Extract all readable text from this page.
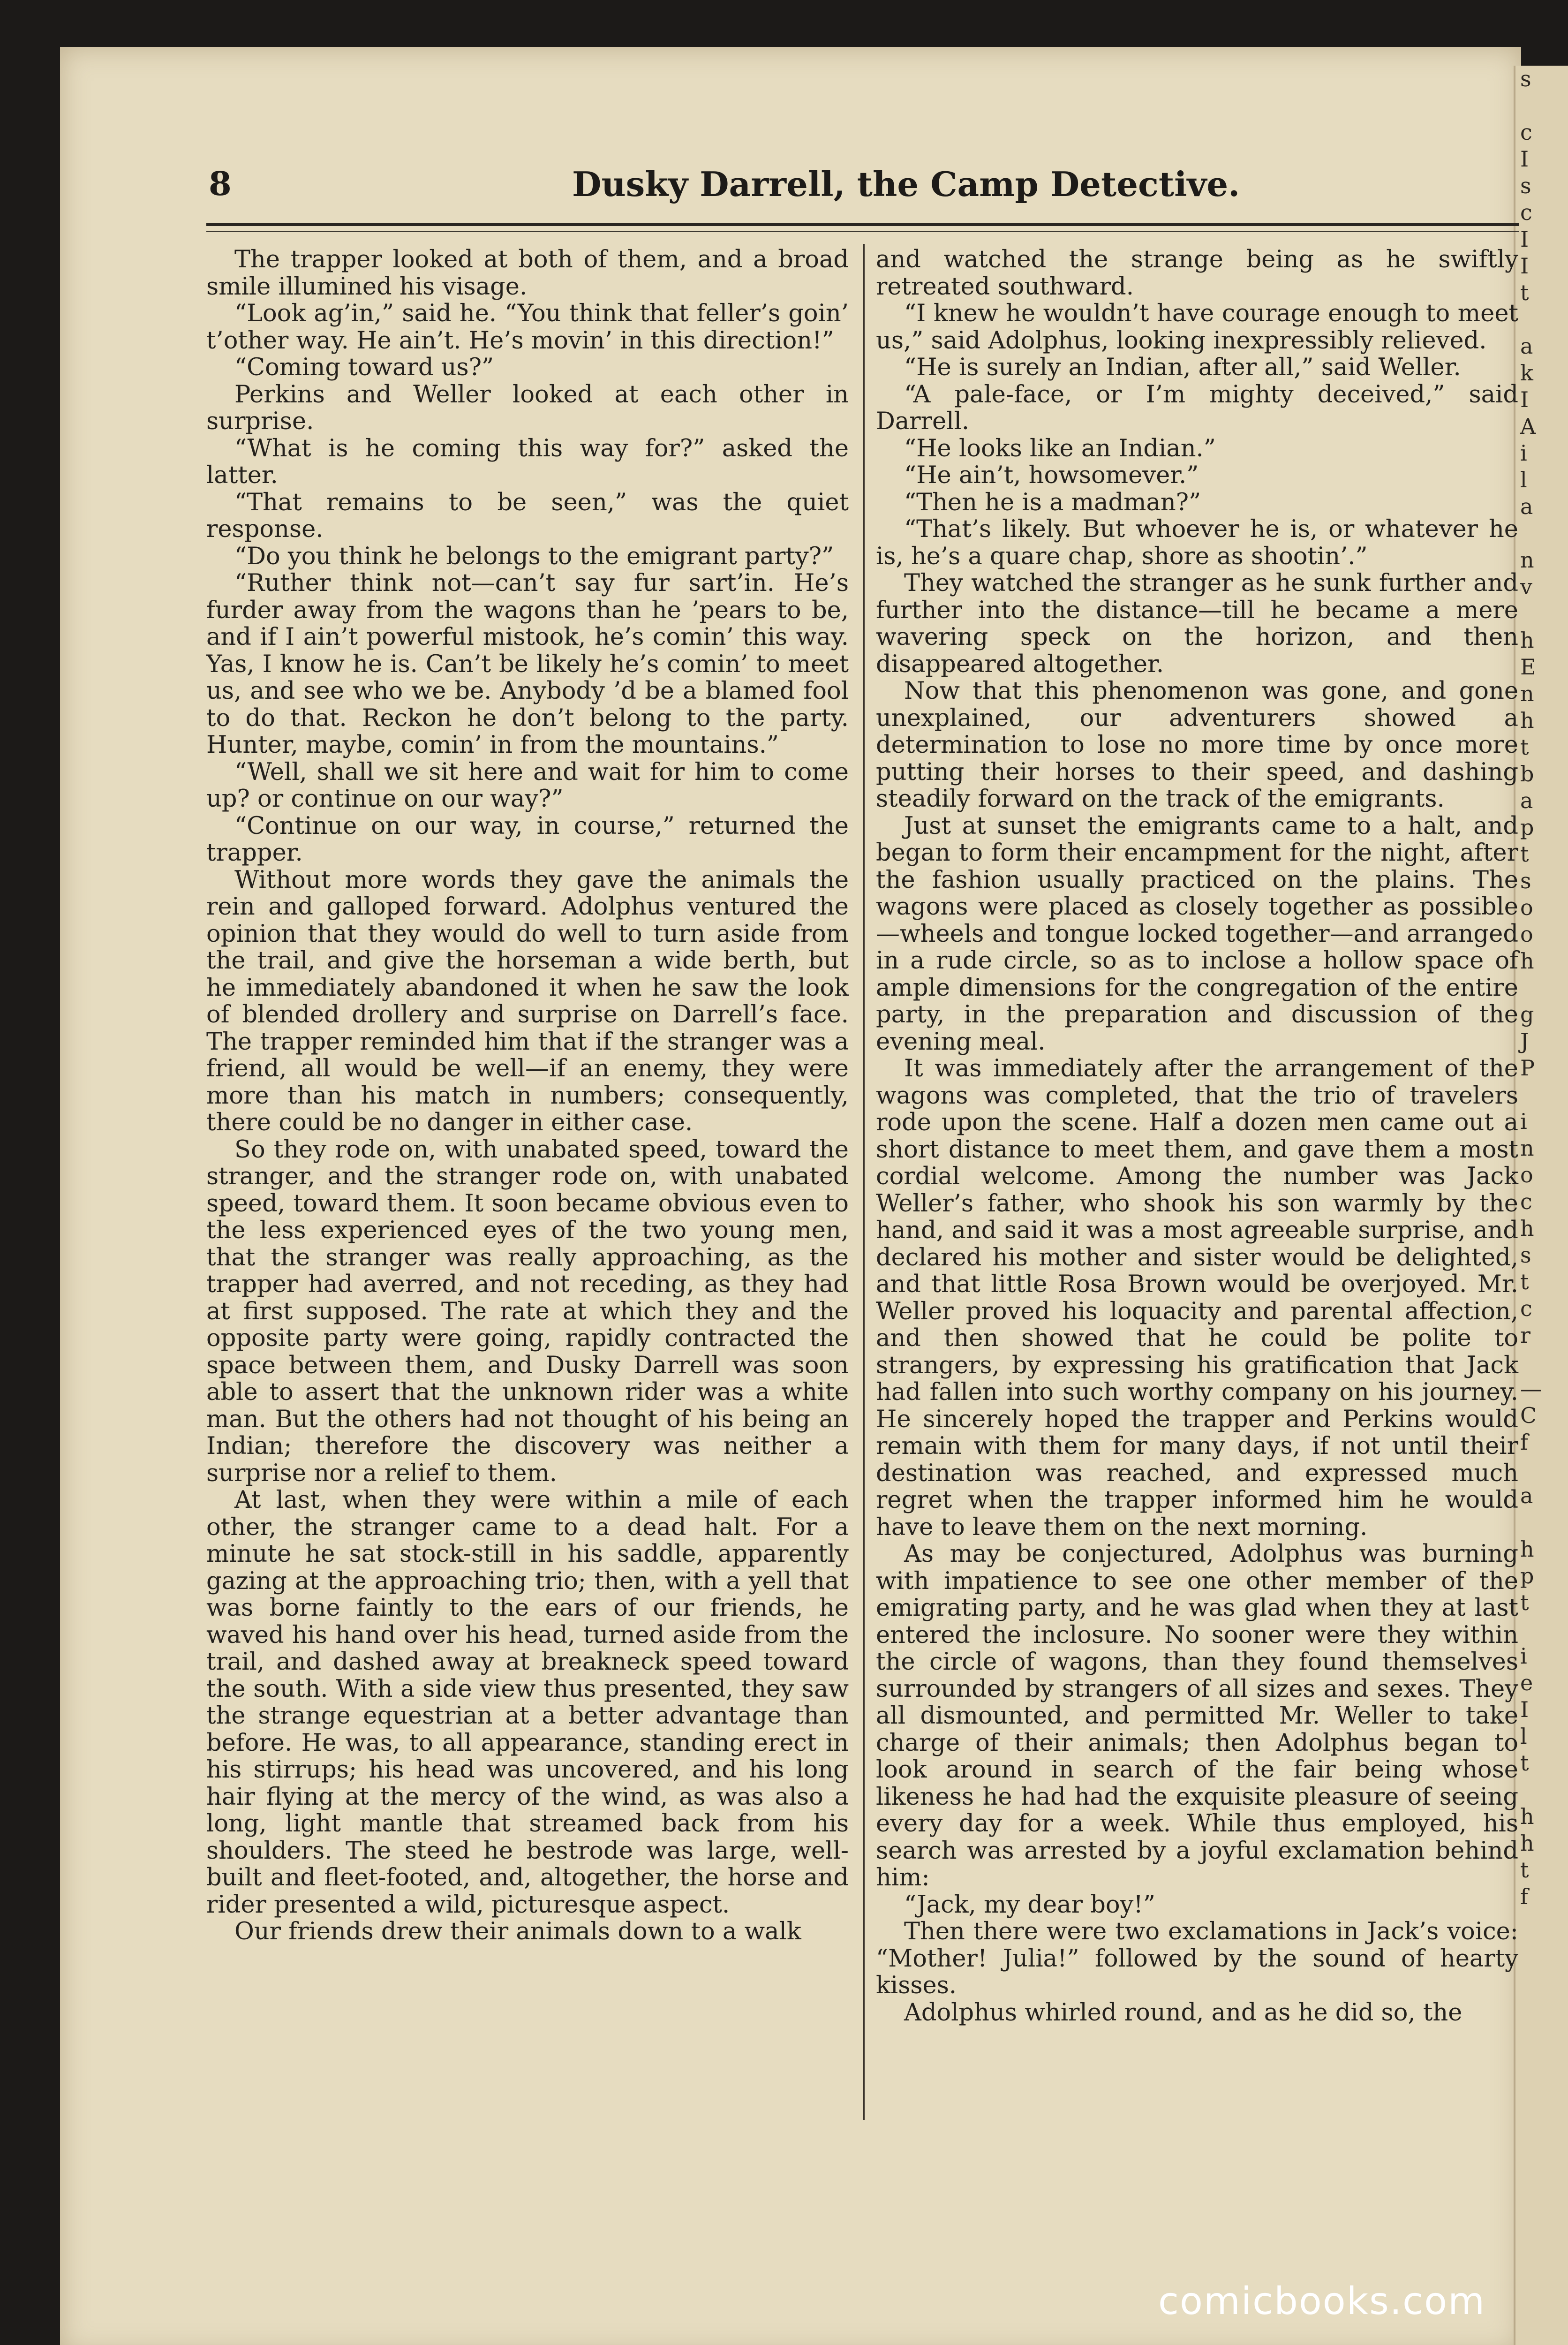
s

c

I

s

c

I

I

t

a

k

I

A

i

l

a

n

v

h

E

n

h

t

b

a

p

t

s

o

o

h

g

J

P

i

n

o

c

h

s

t

c

r

—

C

f

a

h

p

t

i

e

I

l

t

h

h

t

f

8	Dusky Darrell, the Camp Detective.

The trapper looked at both of them, and a broad smile illumined his visage.

“Look ag’in,” said he. “You think that feller’s goin’ t’other way. He ain’t. He’s movin’ in this direction!”

“Coming toward us?”

Perkins and Weller looked at each other in surprise.

“What is he coming this way for?” asked the latter.

“That remains to be seen,” was the quiet response.

“Do you think he belongs to the emigrant party?”

“Ruther think not—can’t say fur sart’in. He’s furder away from the wagons than he ’pears to be, and if I ain’t powerful mistook, he’s comin’ this way. Yas, I know he is. Can’t be likely he’s comin’ to meet us, and see who we be. Anybody ’d be a blamed fool to do that. Reckon he don’t belong to the party. Hunter, maybe, comin’ in from the mountains.”

“Well, shall we sit here and wait for him to come up? or continue on our way?”

“Continue on our way, in course,” returned the trapper.

Without more words they gave the animals the rein and galloped forward. Adolphus ventured the opinion that they would do well to turn aside from the trail, and give the horseman a wide berth, but he immediately abandoned it when he saw the look of blended drollery and surprise on Darrell’s face. The trapper reminded him that if the stranger was a friend, all would be well—if an enemy, they were more than his match in numbers; consequently, there could be no danger in either case.

So they rode on, with unabated speed, toward the stranger, and the stranger rode on, with unabated speed, toward them. It soon became obvious even to the less experienced eyes of the two young men, that the stranger was really approaching, as the trapper had averred, and not receding, as they had at first supposed. The rate at which they and the opposite party were going, rapidly contracted the space between them, and Dusky Darrell was soon able to assert that the unknown rider was a white man. But the others had not thought of his being an Indian; therefore the discovery was neither a surprise nor a relief to them.

At last, when they were within a mile of each other, the stranger came to a dead halt. For a minute he sat stock-still in his saddle, apparently gazing at the approaching trio; then, with a yell that was borne faintly to the ears of our friends, he waved his hand over his head, turned aside from the trail, and dashed away at breakneck speed toward the south. With a side view thus presented, they saw the strange equestrian at a better advantage than before. He was, to all appearance, standing erect in his stirrups; his head was uncovered, and his long hair flying at the mercy of the wind, as was also a long, light mantle that streamed back from his shoulders. The steed he bestrode was large, well-built and fleet-footed, and, altogether, the horse and rider presented a wild, picturesque aspect.

Our friends drew their animals down to a walk

and watched the strange being as he swiftly retreated southward.

“I knew he wouldn’t have courage enough to meet us,” said Adolphus, looking inexpressibly relieved.

“He is surely an Indian, after all,” said Weller.

“A pale-face, or I’m mighty deceived,” said Darrell.

“He looks like an Indian.”

“He ain’t, howsomever.”

“Then he is a madman?”

“That’s likely. But whoever he is, or whatever he is, he’s a quare chap, shore as shootin’.”

They watched the stranger as he sunk further and further into the distance—till he became a mere wavering speck on the horizon, and then disappeared altogether.

Now that this phenomenon was gone, and gone unexplained, our adventurers showed a determination to lose no more time by once more putting their horses to their speed, and dashing steadily forward on the track of the emigrants.

Just at sunset the emigrants came to a halt, and began to form their encampment for the night, after the fashion usually practiced on the plains. The wagons were placed as closely together as possible—wheels and tongue locked together—and arranged in a rude circle, so as to inclose a hollow space of ample dimensions for the congregation of the entire party, in the preparation and discussion of the evening meal.

It was immediately after the arrangement of the wagons was completed, that the trio of travelers rode upon the scene. Half a dozen men came out a short distance to meet them, and gave them a most cordial welcome. Among the number was Jack Weller’s father, who shook his son warmly by the hand, and said it was a most agreeable surprise, and declared his mother and sister would be delighted, and that little Rosa Brown would be overjoyed. Mr. Weller proved his loquacity and parental affection, and then showed that he could be polite to strangers, by expressing his gratification that Jack had fallen into such worthy company on his journey. He sincerely hoped the trapper and Perkins would remain with them for many days, if not until their destination was reached, and expressed much regret when the trapper informed him he would have to leave them on the next morning.

As may be conjectured, Adolphus was burning with impatience to see one other member of the emigrating party, and he was glad when they at last entered the inclosure. No sooner were they within the circle of wagons, than they found themselves surrounded by strangers of all sizes and sexes. They all dismounted, and permitted Mr. Weller to take charge of their animals; then Adolphus began to look around in search of the fair being whose likeness he had had the exquisite pleasure of seeing every day for a week. While thus employed, his search was arrested by a joyful exclamation behind him:

“Jack, my dear boy!”

Then there were two exclamations in Jack’s voice: “Mother! Julia!” followed by the sound of hearty kisses.

Adolphus whirled round, and as he did so, the

comicbooks.com
